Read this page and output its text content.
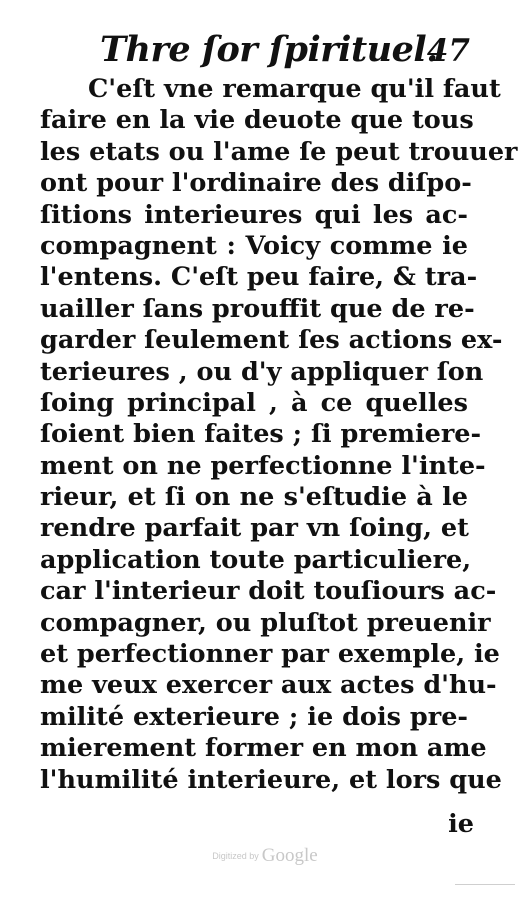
Thre ſor ſpirituel.
47
C'eſt vne remarque qu'il faut
faire en la vie deuote que tous
les etats ou l'ame ſe peut trouuer
ont pour l'ordinaire des diſpo-
ſitions interieures qui les ac-
compagnent : Voicy comme ie
l'entens. C'eſt peu faire, & tra-
uailler ſans prouffit que de re-
garder ſeulement ſes actions ex-
terieures , ou d'y appliquer ſon
ſoing principal , à ce quelles
ſoient bien faites ; ſi premiere-
ment on ne perfectionne l'inte-
rieur, et ſi on ne s'eſtudie à le
rendre parfait par vn ſoing, et
application toute particuliere,
car l'interieur doit touſiours ac-
compagner, ou pluſtot preuenir
et perfectionner par exemple, ie
me veux exercer aux actes d'hu-
milité exterieure ; ie dois pre-
mierement former en mon ame
l'humilité interieure, et lors que
ie
Digitized by Google
